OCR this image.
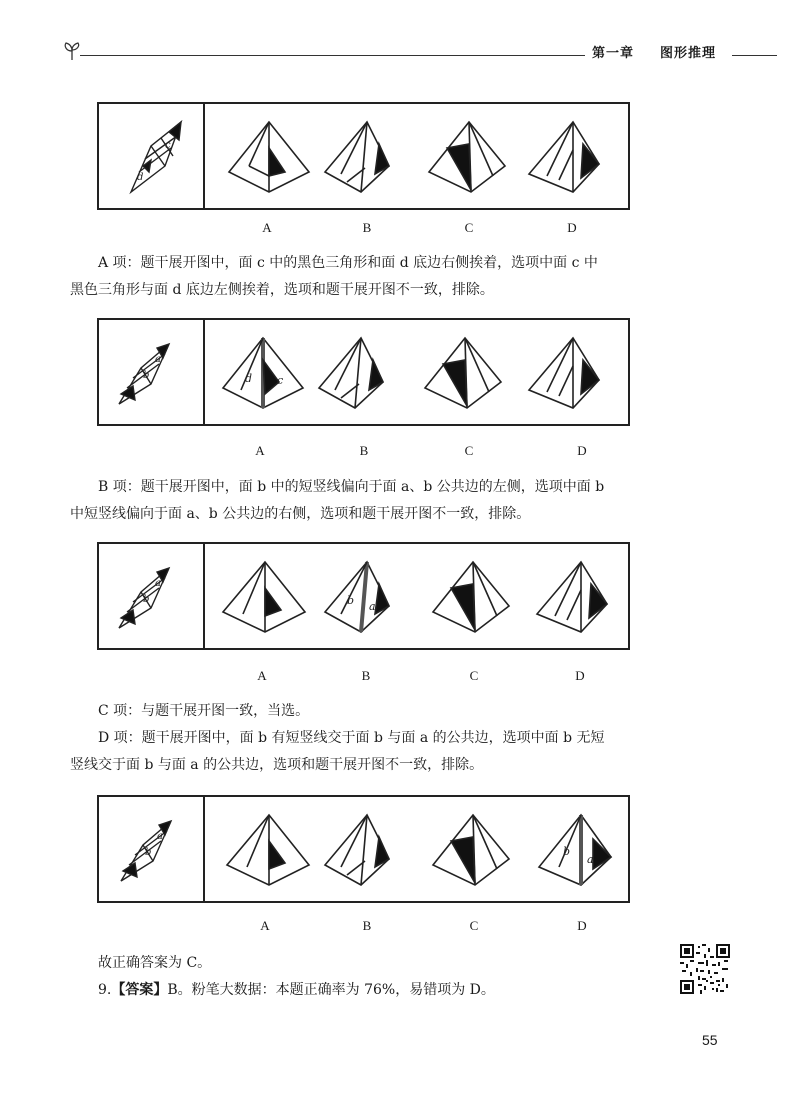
第一章 图形推理
c
d
A	B	C	D

A 项：题干展开图中，面 c 中的黑色三角形和面 d 底边右侧挨着，选项中面 c 中

黑色三角形与面 d 底边左侧挨着，选项和题干展开图不一致，排除。

a
b	d c
A	B	C	D

B 项：题干展开图中，面 b 中的短竖线偏向于面 a、b 公共边的左侧，选项中面 b

中短竖线偏向于面 a、b 公共边的右侧，选项和题干展开图不一致，排除。

a
b	b a
A	B	C	D

C 项：与题干展开图一致，当选。

D 项：题干展开图中，面 b 有短竖线交于面 b 与面 a 的公共边，选项中面 b 无短

竖线交于面 b 与面 a 的公共边，选项和题干展开图不一致，排除。

a
b	b
a
A	B	C	D

故正确答案为 C。

9.【答案】B。粉笔大数据：本题正确率为 76%，易错项为 D。

55
